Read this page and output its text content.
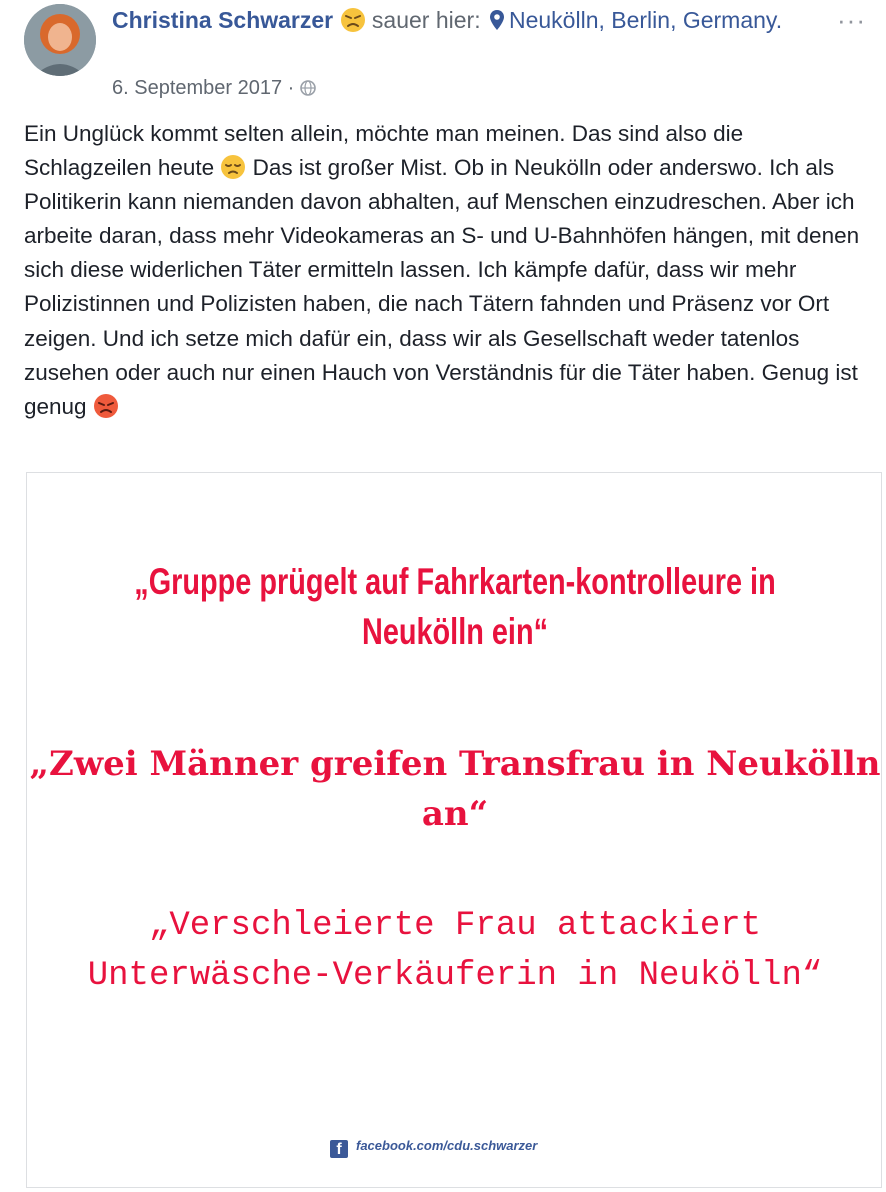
Christina Schwarzer sauer hier: Neukölln, Berlin, Germany.	···
6. September 2017 ·

Ein Unglück kommt selten allein, möchte man meinen. Das sind also die Schlagzeilen heute Das ist großer Mist. Ob in Neukölln oder anderswo. Ich als Politikerin kann niemanden davon abhalten, auf Menschen einzudreschen. Aber ich arbeite daran, dass mehr Videokameras an S- und U-Bahnhöfen hängen, mit denen sich diese widerlichen Täter ermitteln lassen. Ich kämpfe dafür, dass wir mehr Polizistinnen und Polizisten haben, die nach Tätern fahnden und Präsenz vor Ort zeigen. Und ich setze mich dafür ein, dass wir als Gesellschaft weder tatenlos zusehen oder auch nur einen Hauch von Verständnis für die Täter haben. Genug ist genug

„Gruppe prügelt auf Fahrkarten-kontrolleure in Neukölln ein“
„Zwei Männer greifen Transfrau in Neukölln an“
„Verschleierte Frau attackiert Unterwäsche-Verkäuferin in Neukölln“
f facebook.com/cdu.schwarzer
